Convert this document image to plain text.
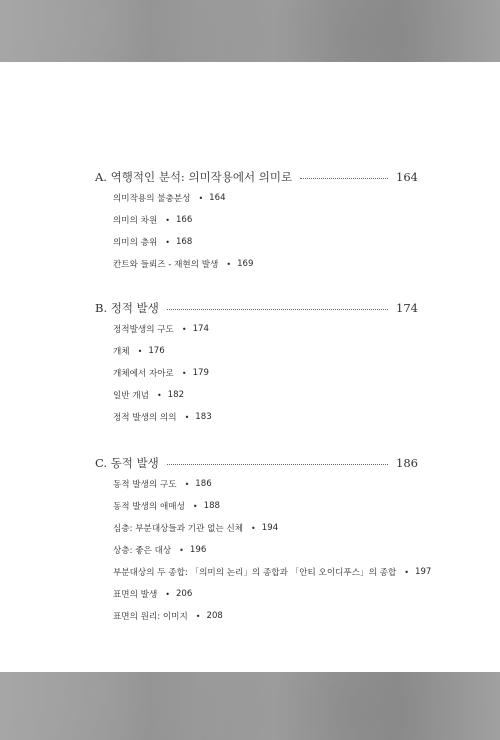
A. 역행적인 분석: 의미작용에서 의미로	164
의미작용의 불충분성 • 164
의미의 차원 • 166
의미의 층위 • 168
칸트와 들뢰즈 - 재현의 발생 • 169
B. 정적 발생	174
정적발생의 구도 • 174
개체 • 176
개체에서 자아로 • 179
일반 개념 • 182
정적 발생의 의의 • 183
C. 동적 발생	186
동적 발생의 구도 • 186
동적 발생의 애매성 • 188
심층: 부분대상들과 기관 없는 신체 • 194
상층: 좋은 대상 • 196
부분대상의 두 종합: 「의미의 논리」의 종합과 「안티 오이디푸스」의 종합 • 197
표면의 발생 • 206
표면의 원리: 이미지 • 208
